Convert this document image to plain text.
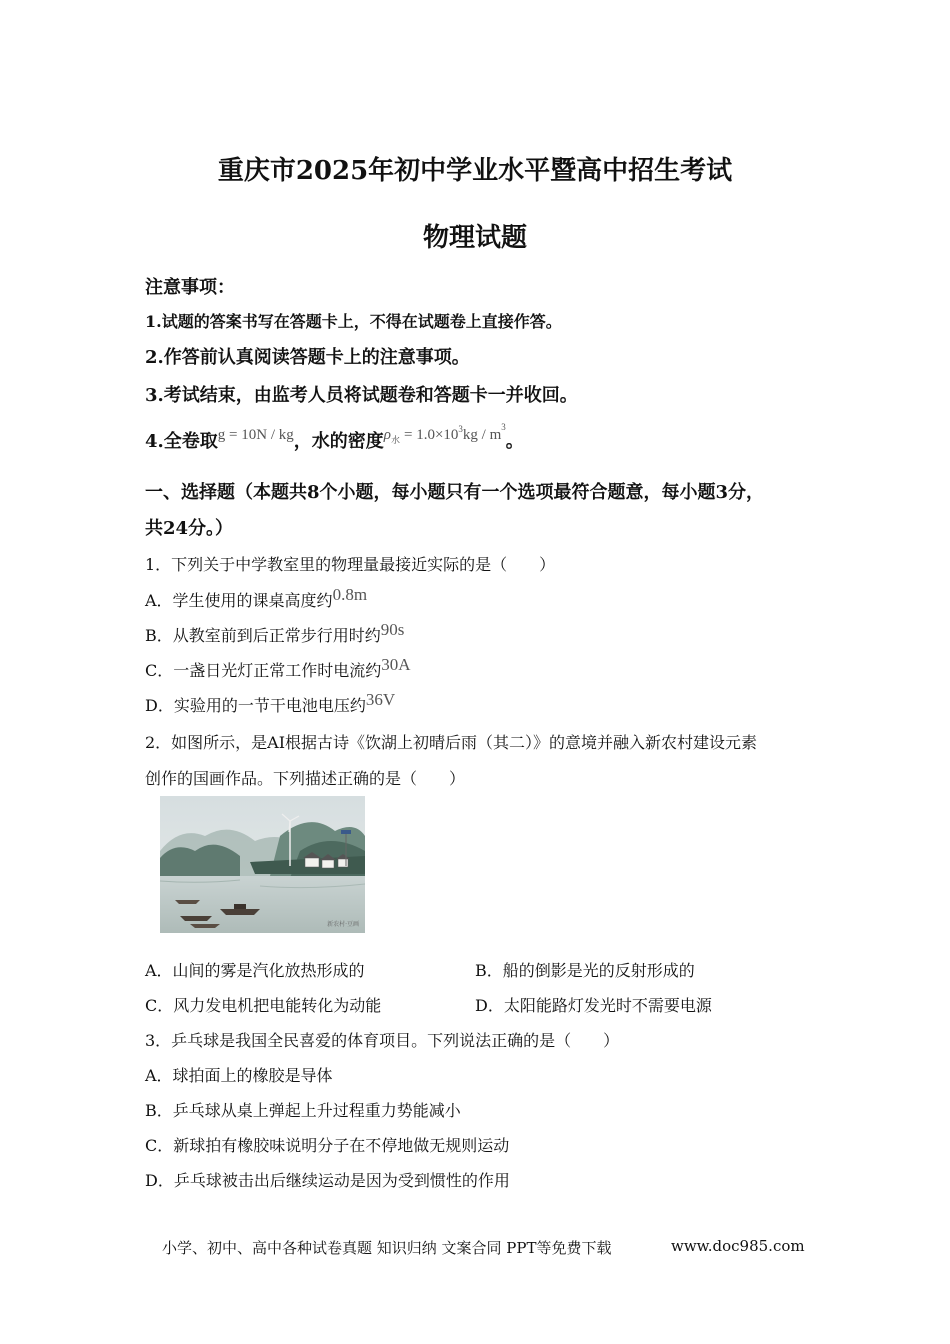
重庆市2025年初中学业水平暨高中招生考试
物理试题
注意事项：
1.试题的答案书写在答题卡上，不得在试题卷上直接作答。
2.作答前认真阅读答题卡上的注意事项。
3.考试结束，由监考人员将试题卷和答题卡一并收回。
4.全卷取$^{g = 10N / kg}$，水的密度$^{\rho 水}$ $^{= 1.0\times 103kg / m3}$。
一、选择题（本题共8个小题，每小题只有一个选项最符合题意，每小题3分，
共24分。）
1．下列关于中学教室里的物理量最接近实际的是（　　）
A．学生使用的课桌高度约0.8m
B．从教室前到后正常步行用时约90s
C．一盏日光灯正常工作时电流约30A
D．实验用的一节干电池电压约36V
2．如图所示，是AI根据古诗《饮湖上初晴后雨（其二）》的意境并融入新农村建设元素
创作的国画作品。下列描述正确的是（　　）
新农村·豆画
A．山间的雾是汽化放热形成的	B．船的倒影是光的反射形成的
C．风力发电机把电能转化为动能	D．太阳能路灯发光时不需要电源
3．乒乓球是我国全民喜爱的体育项目。下列说法正确的是（　　）
A．球拍面上的橡胶是导体
B．乒乓球从桌上弹起上升过程重力势能减小
C．新球拍有橡胶味说明分子在不停地做无规则运动
D．乒乓球被击出后继续运动是因为受到惯性的作用
小学、初中、高中各种试卷真题 知识归纳 文案合同 PPT等免费下载	www.doc985.com
